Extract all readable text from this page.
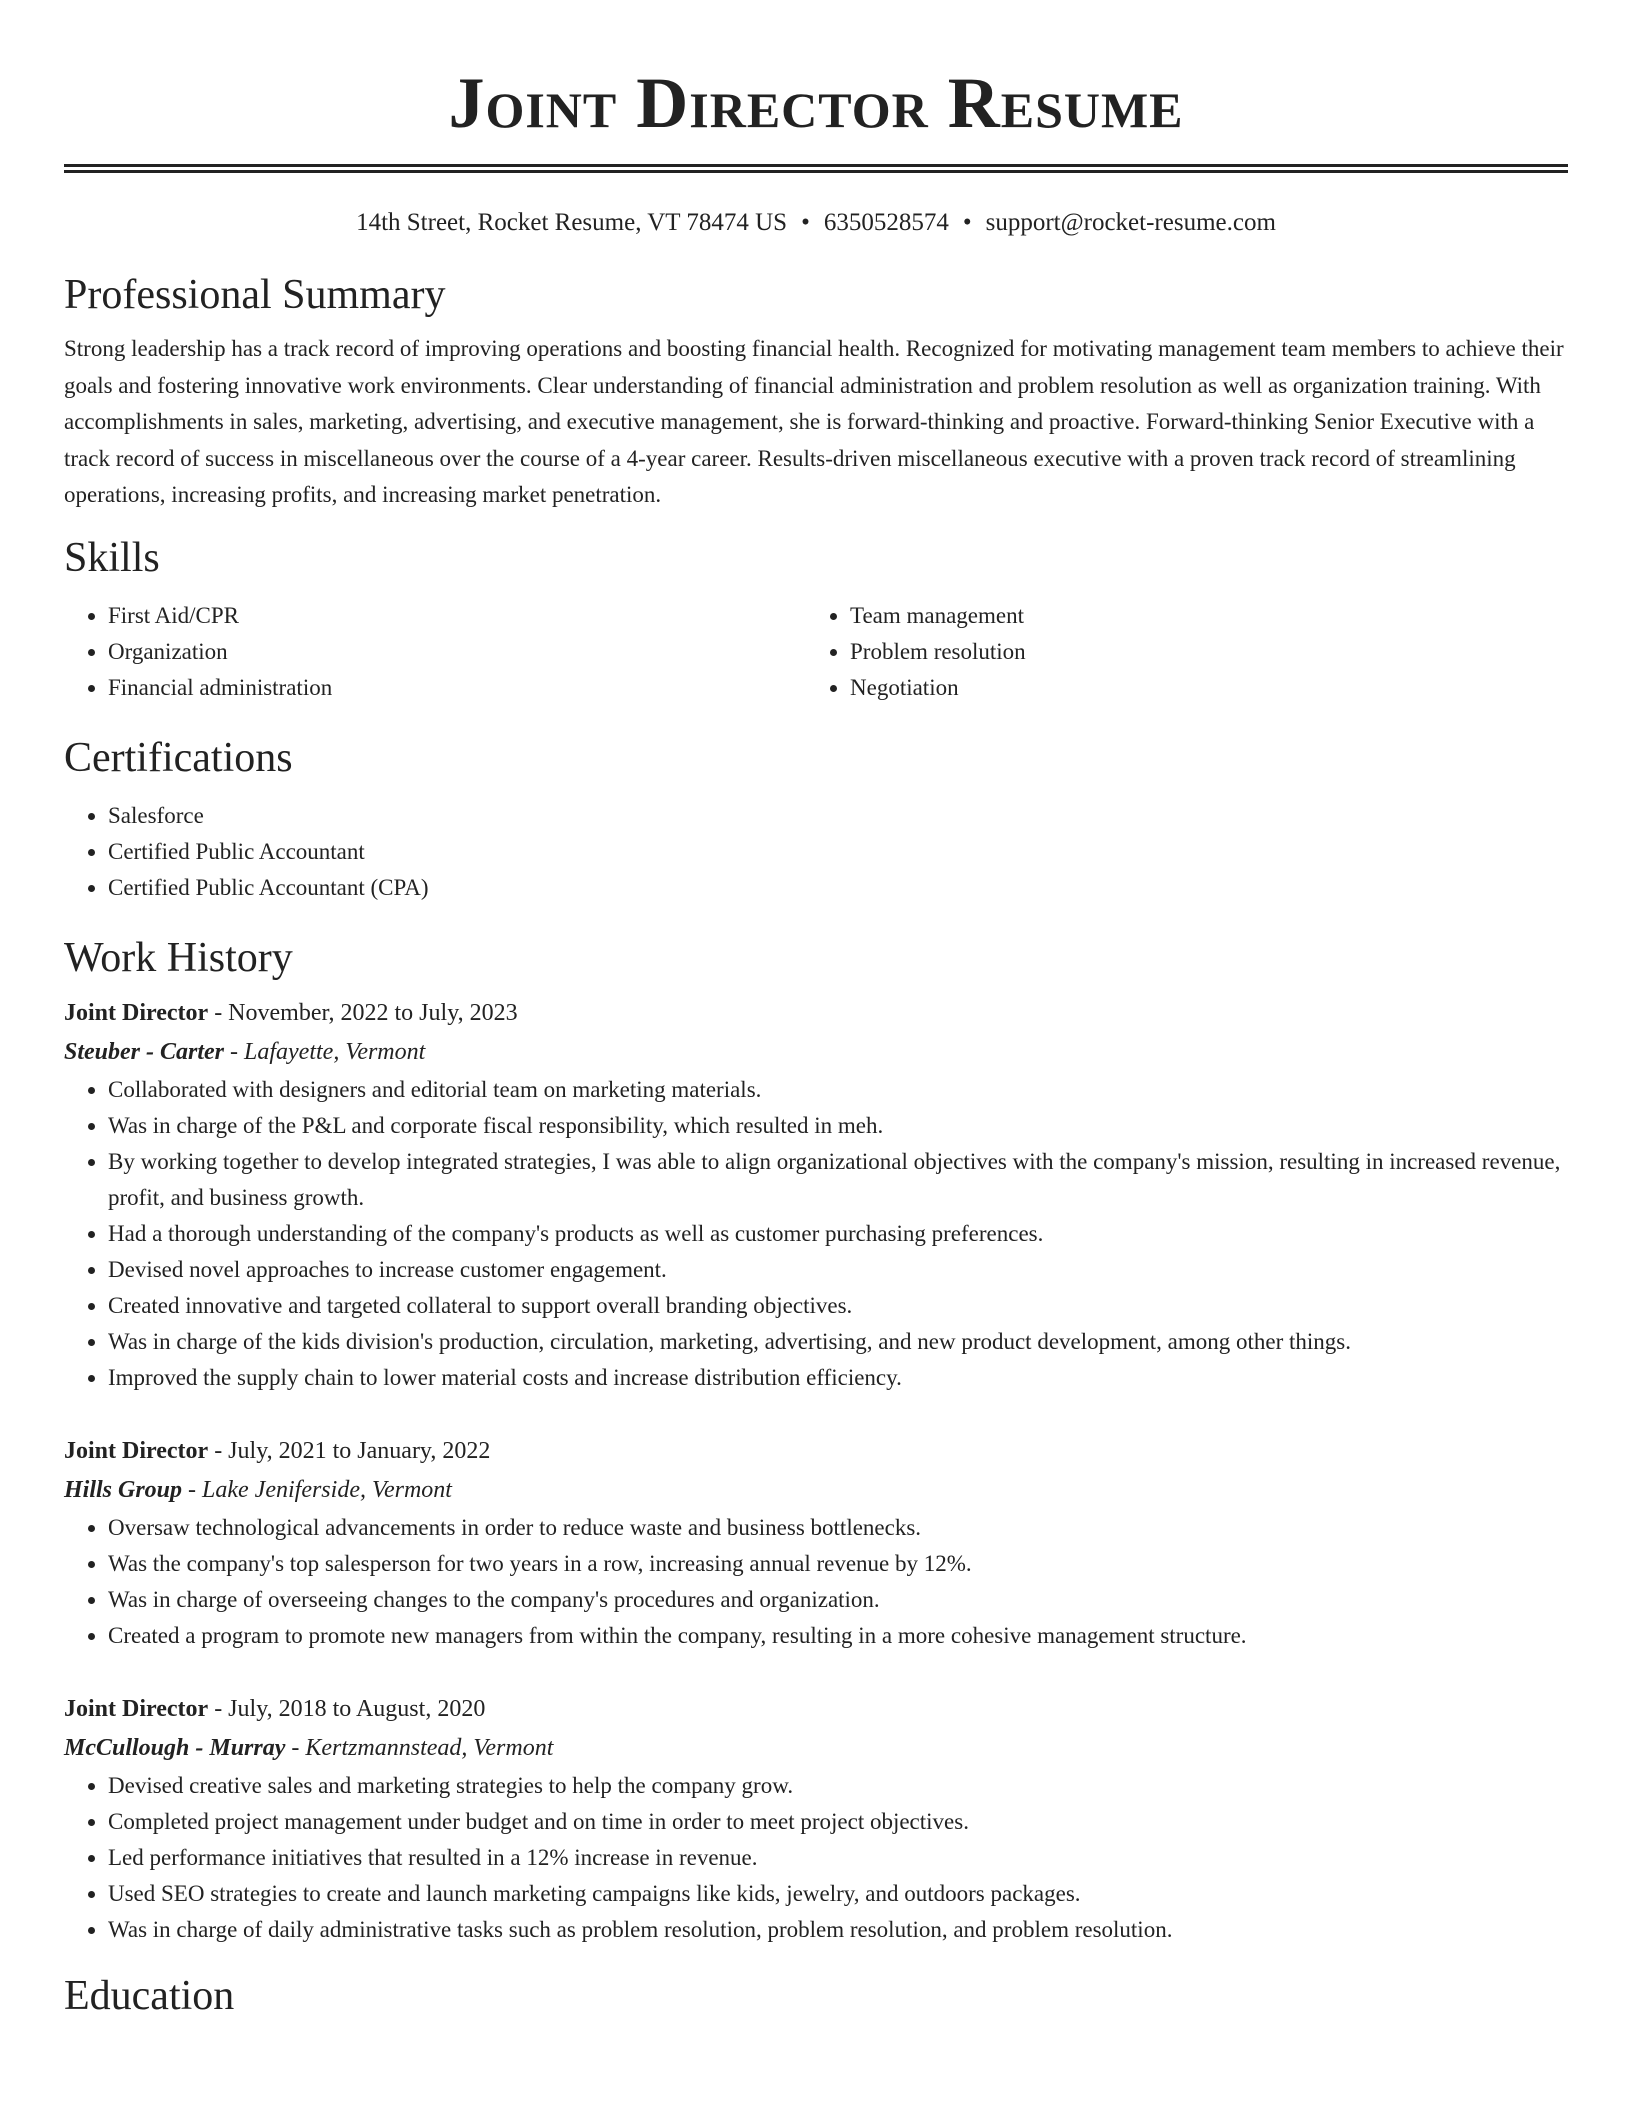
Joint Director Resume
14th Street, Rocket Resume, VT 78474 US • 6350528574 • support@rocket-resume.com
Professional Summary

Strong leadership has a track record of improving operations and boosting financial health. Recognized for motivating management team members to achieve their goals and fostering innovative work environments. Clear understanding of financial administration and problem resolution as well as organization training. With accomplishments in sales, marketing, advertising, and executive management, she is forward-thinking and proactive. Forward-thinking Senior Executive with a track record of success in miscellaneous over the course of a 4-year career. Results-driven miscellaneous executive with a proven track record of streamlining operations, increasing profits, and increasing market penetration.

Skills
• First Aid/CPR
• Organization
• Financial administration
• Team management
• Problem resolution
• Negotiation
Certifications
• Salesforce
• Certified Public Accountant
• Certified Public Accountant (CPA)
Work History
Joint Director - November, 2022 to July, 2023
Steuber - Carter - Lafayette, Vermont
• Collaborated with designers and editorial team on marketing materials.
• Was in charge of the P&L and corporate fiscal responsibility, which resulted in meh.
• By working together to develop integrated strategies, I was able to align organizational objectives with the company's mission, resulting in increased revenue, profit, and business growth.
• Had a thorough understanding of the company's products as well as customer purchasing preferences.
• Devised novel approaches to increase customer engagement.
• Created innovative and targeted collateral to support overall branding objectives.
• Was in charge of the kids division's production, circulation, marketing, advertising, and new product development, among other things.
• Improved the supply chain to lower material costs and increase distribution efficiency.
Joint Director - July, 2021 to January, 2022
Hills Group - Lake Jeniferside, Vermont
• Oversaw technological advancements in order to reduce waste and business bottlenecks.
• Was the company's top salesperson for two years in a row, increasing annual revenue by 12%.
• Was in charge of overseeing changes to the company's procedures and organization.
• Created a program to promote new managers from within the company, resulting in a more cohesive management structure.
Joint Director - July, 2018 to August, 2020
McCullough - Murray - Kertzmannstead, Vermont
• Devised creative sales and marketing strategies to help the company grow.
• Completed project management under budget and on time in order to meet project objectives.
• Led performance initiatives that resulted in a 12% increase in revenue.
• Used SEO strategies to create and launch marketing campaigns like kids, jewelry, and outdoors packages.
• Was in charge of daily administrative tasks such as problem resolution, problem resolution, and problem resolution.
Education
